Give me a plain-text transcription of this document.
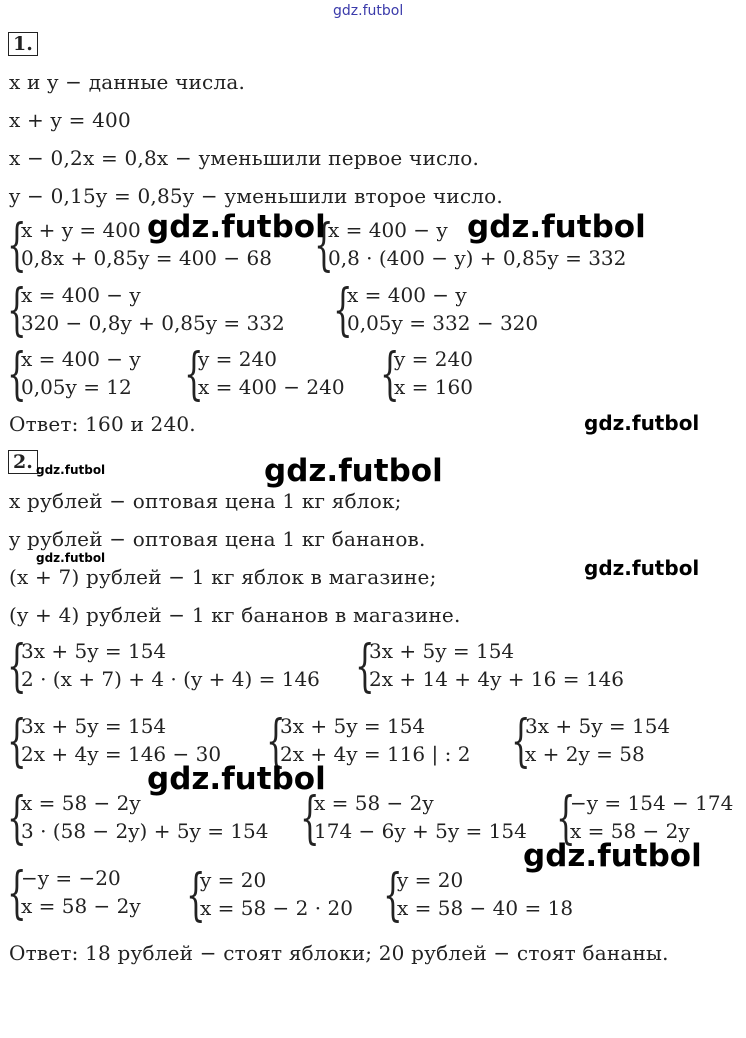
gdz.futbol
1.
x и y − данные числа.
x + y = 400
x − 0,2x = 0,8x − уменьшили первое число.
y − 0,15y = 0,85y − уменьшили второе число.
{
x + y = 400
0,8x + 0,85y = 400 − 68 {
x = 400 − y
0,8 · (400 − y) + 0,85y = 332
{
x = 400 − y
320 − 0,8y + 0,85y = 332 {
x = 400 − y
0,05y = 332 − 320
{
x = 400 − y
0,05y = 12 {
y = 240
x = 400 − 240 {
y = 240
x = 160
Ответ: 160 и 240.
2.
x рублей − оптовая цена 1 кг яблок;
y рублей − оптовая цена 1 кг бананов.
(x + 7) рублей − 1 кг яблок в магазине;
(y + 4) рублей − 1 кг бананов в магазине.
{
3x + 5y = 154
2 · (x + 7) + 4 · (y + 4) = 146 {
3x + 5y = 154
2x + 14 + 4y + 16 = 146
{
3x + 5y = 154
2x + 4y = 146 − 30 {
3x + 5y = 154
2x + 4y = 116 | : 2 {
3x + 5y = 154
x + 2y = 58
{
x = 58 − 2y
3 · (58 − 2y) + 5y = 154 {
x = 58 − 2y
174 − 6y + 5y = 154 {
−y = 154 − 174
x = 58 − 2y
{
−y = −20
x = 58 − 2y {
y = 20
x = 58 − 2 · 20 {
y = 20
x = 58 − 40 = 18
Ответ: 18 рублей − стоят яблоки; 20 рублей − стоят бананы.
gdz.futbol	gdz.futbol
gdz.futbol
gdz.futbol	gdz.futbol
gdz.futbol	gdz.futbol
gdz.futbol
gdz.futbol
